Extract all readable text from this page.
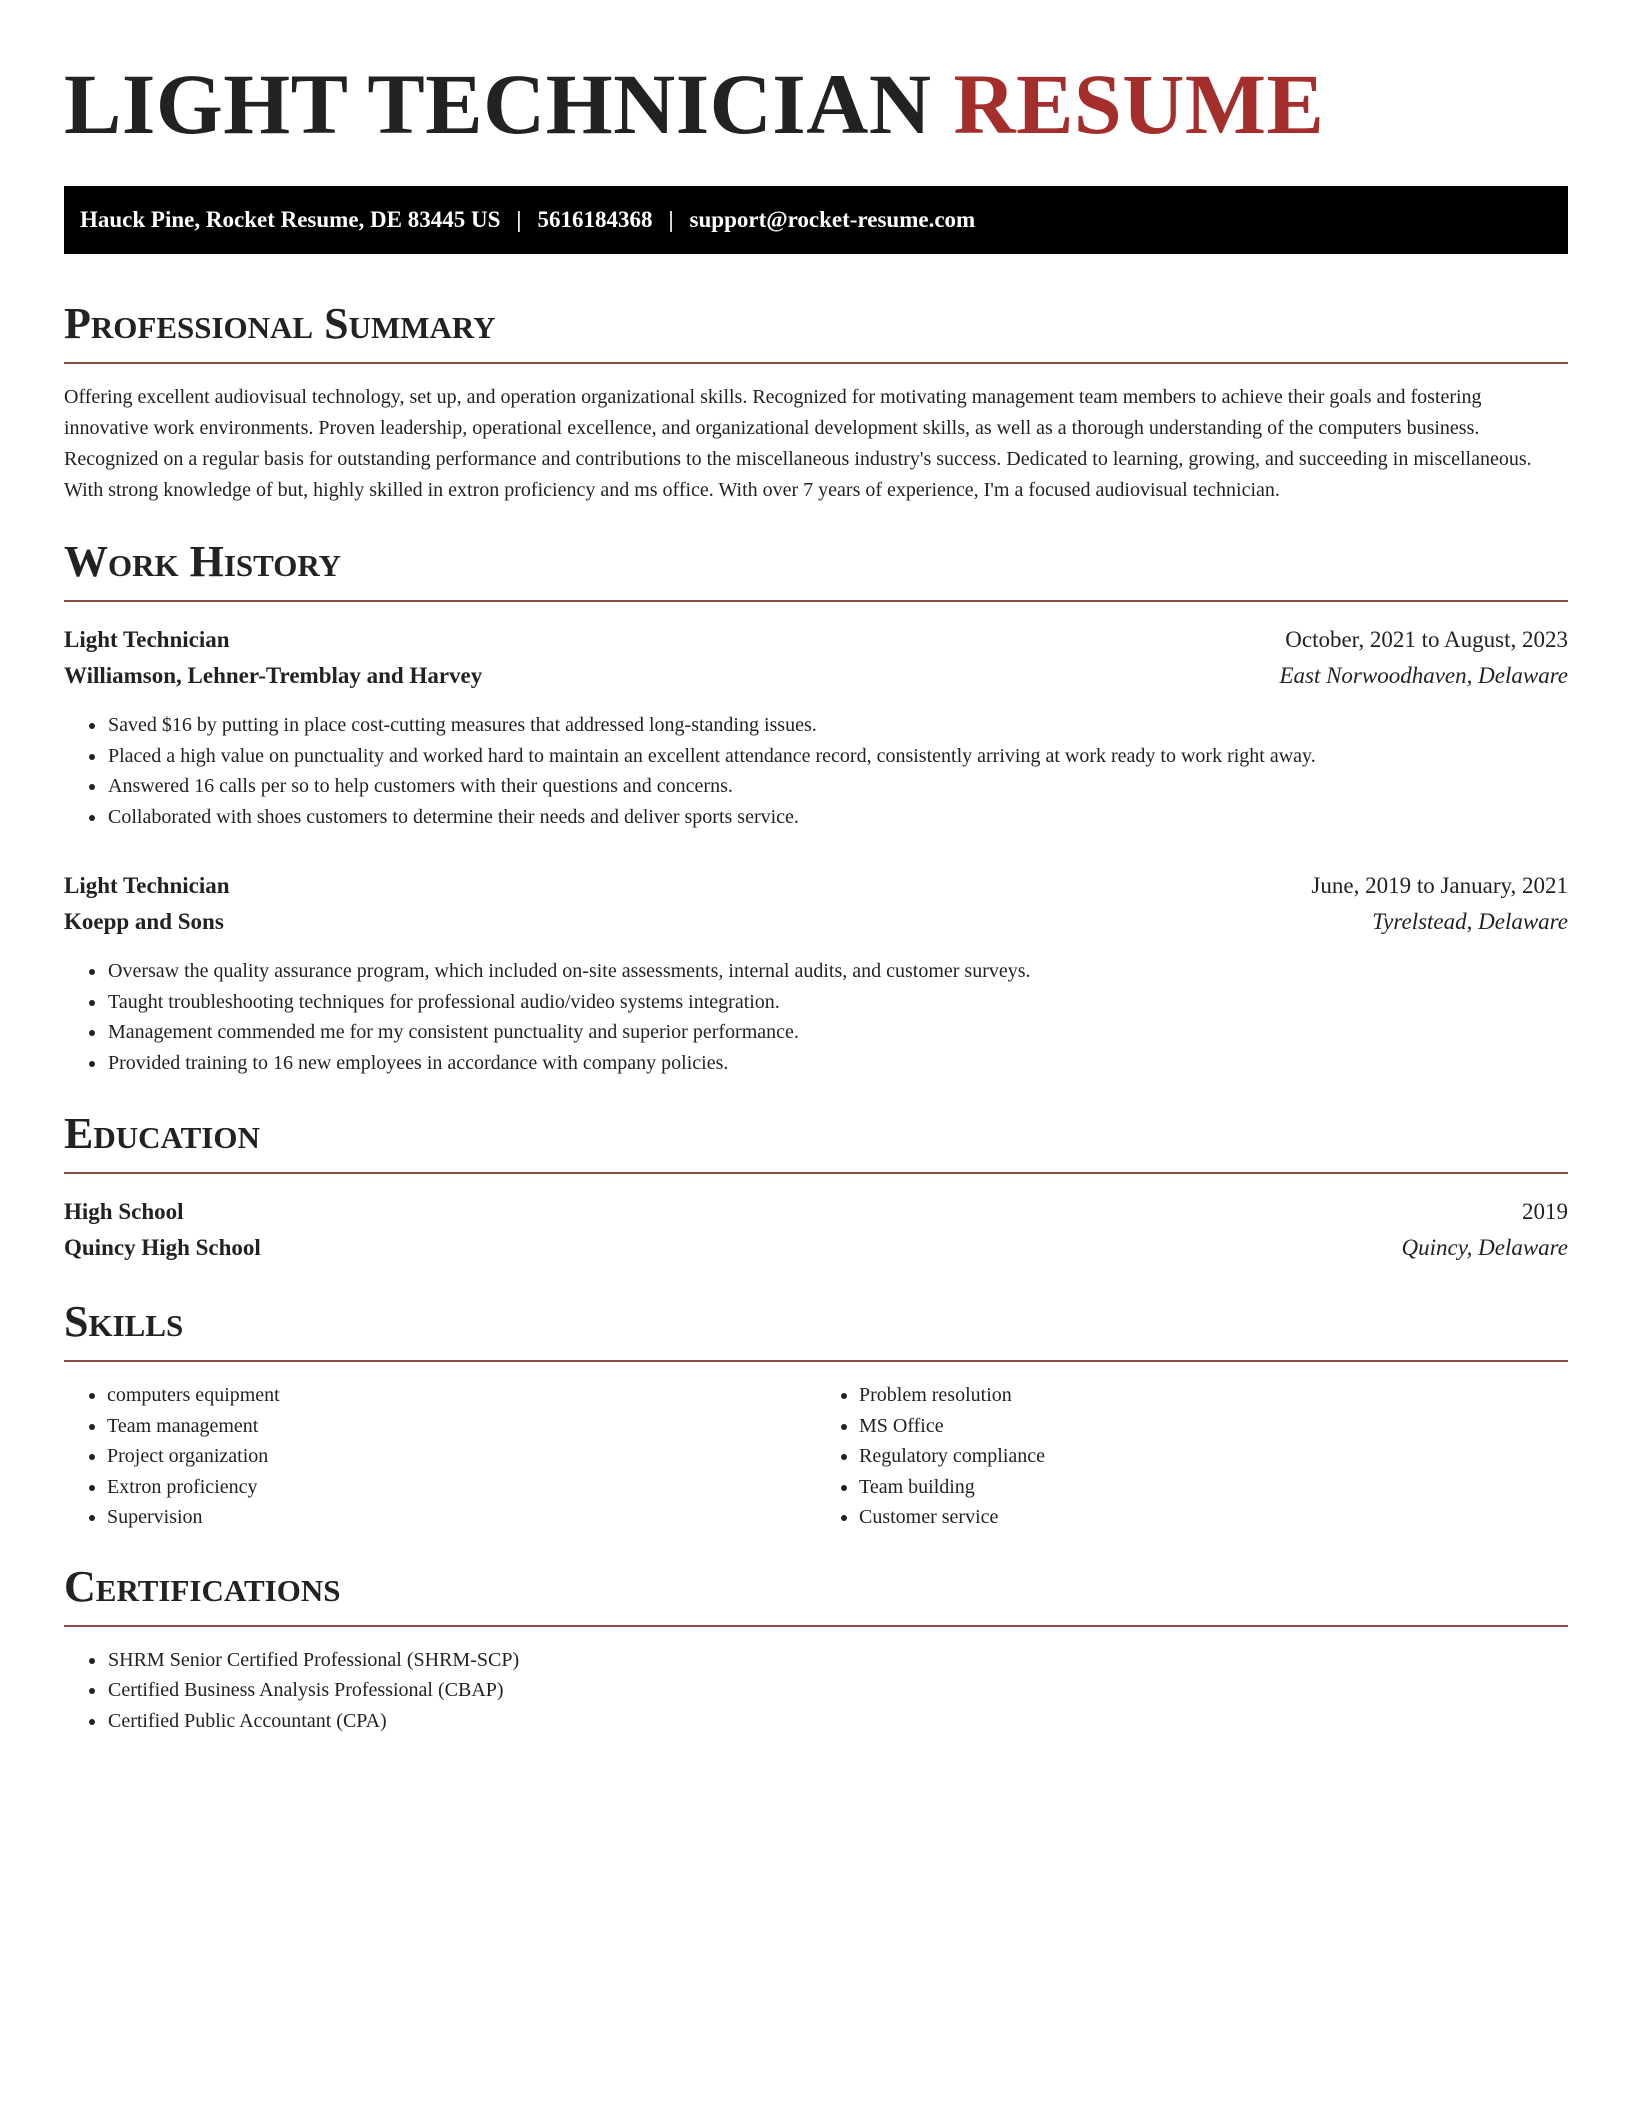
LIGHT TECHNICIAN RESUME
Hauck Pine, Rocket Resume, DE 83445 US | 5616184368 | support@rocket-resume.com
Professional Summary

Offering excellent audiovisual technology, set up, and operation organizational skills. Recognized for motivating management team members to achieve their goals and fostering innovative work environments. Proven leadership, operational excellence, and organizational development skills, as well as a thorough understanding of the computers business. Recognized on a regular basis for outstanding performance and contributions to the miscellaneous industry's success. Dedicated to learning, growing, and succeeding in miscellaneous. With strong knowledge of but, highly skilled in extron proficiency and ms office. With over 7 years of experience, I'm a focused audiovisual technician.

Work History
Light Technician	October, 2021 to August, 2023
Williamson, Lehner-Tremblay and Harvey	East Norwoodhaven, Delaware
• Saved $16 by putting in place cost-cutting measures that addressed long-standing issues.
• Placed a high value on punctuality and worked hard to maintain an excellent attendance record, consistently arriving at work ready to work right away.
• Answered 16 calls per so to help customers with their questions and concerns.
• Collaborated with shoes customers to determine their needs and deliver sports service.
Light Technician	June, 2019 to January, 2021
Koepp and Sons	Tyrelstead, Delaware
• Oversaw the quality assurance program, which included on-site assessments, internal audits, and customer surveys.
• Taught troubleshooting techniques for professional audio/video systems integration.
• Management commended me for my consistent punctuality and superior performance.
• Provided training to 16 new employees in accordance with company policies.
Education
High School	2019
Quincy High School	Quincy, Delaware
Skills
• computers equipment
• Team management
• Project organization
• Extron proficiency
• Supervision
• Problem resolution
• MS Office
• Regulatory compliance
• Team building
• Customer service
Certifications
• SHRM Senior Certified Professional (SHRM-SCP)
• Certified Business Analysis Professional (CBAP)
• Certified Public Accountant (CPA)
